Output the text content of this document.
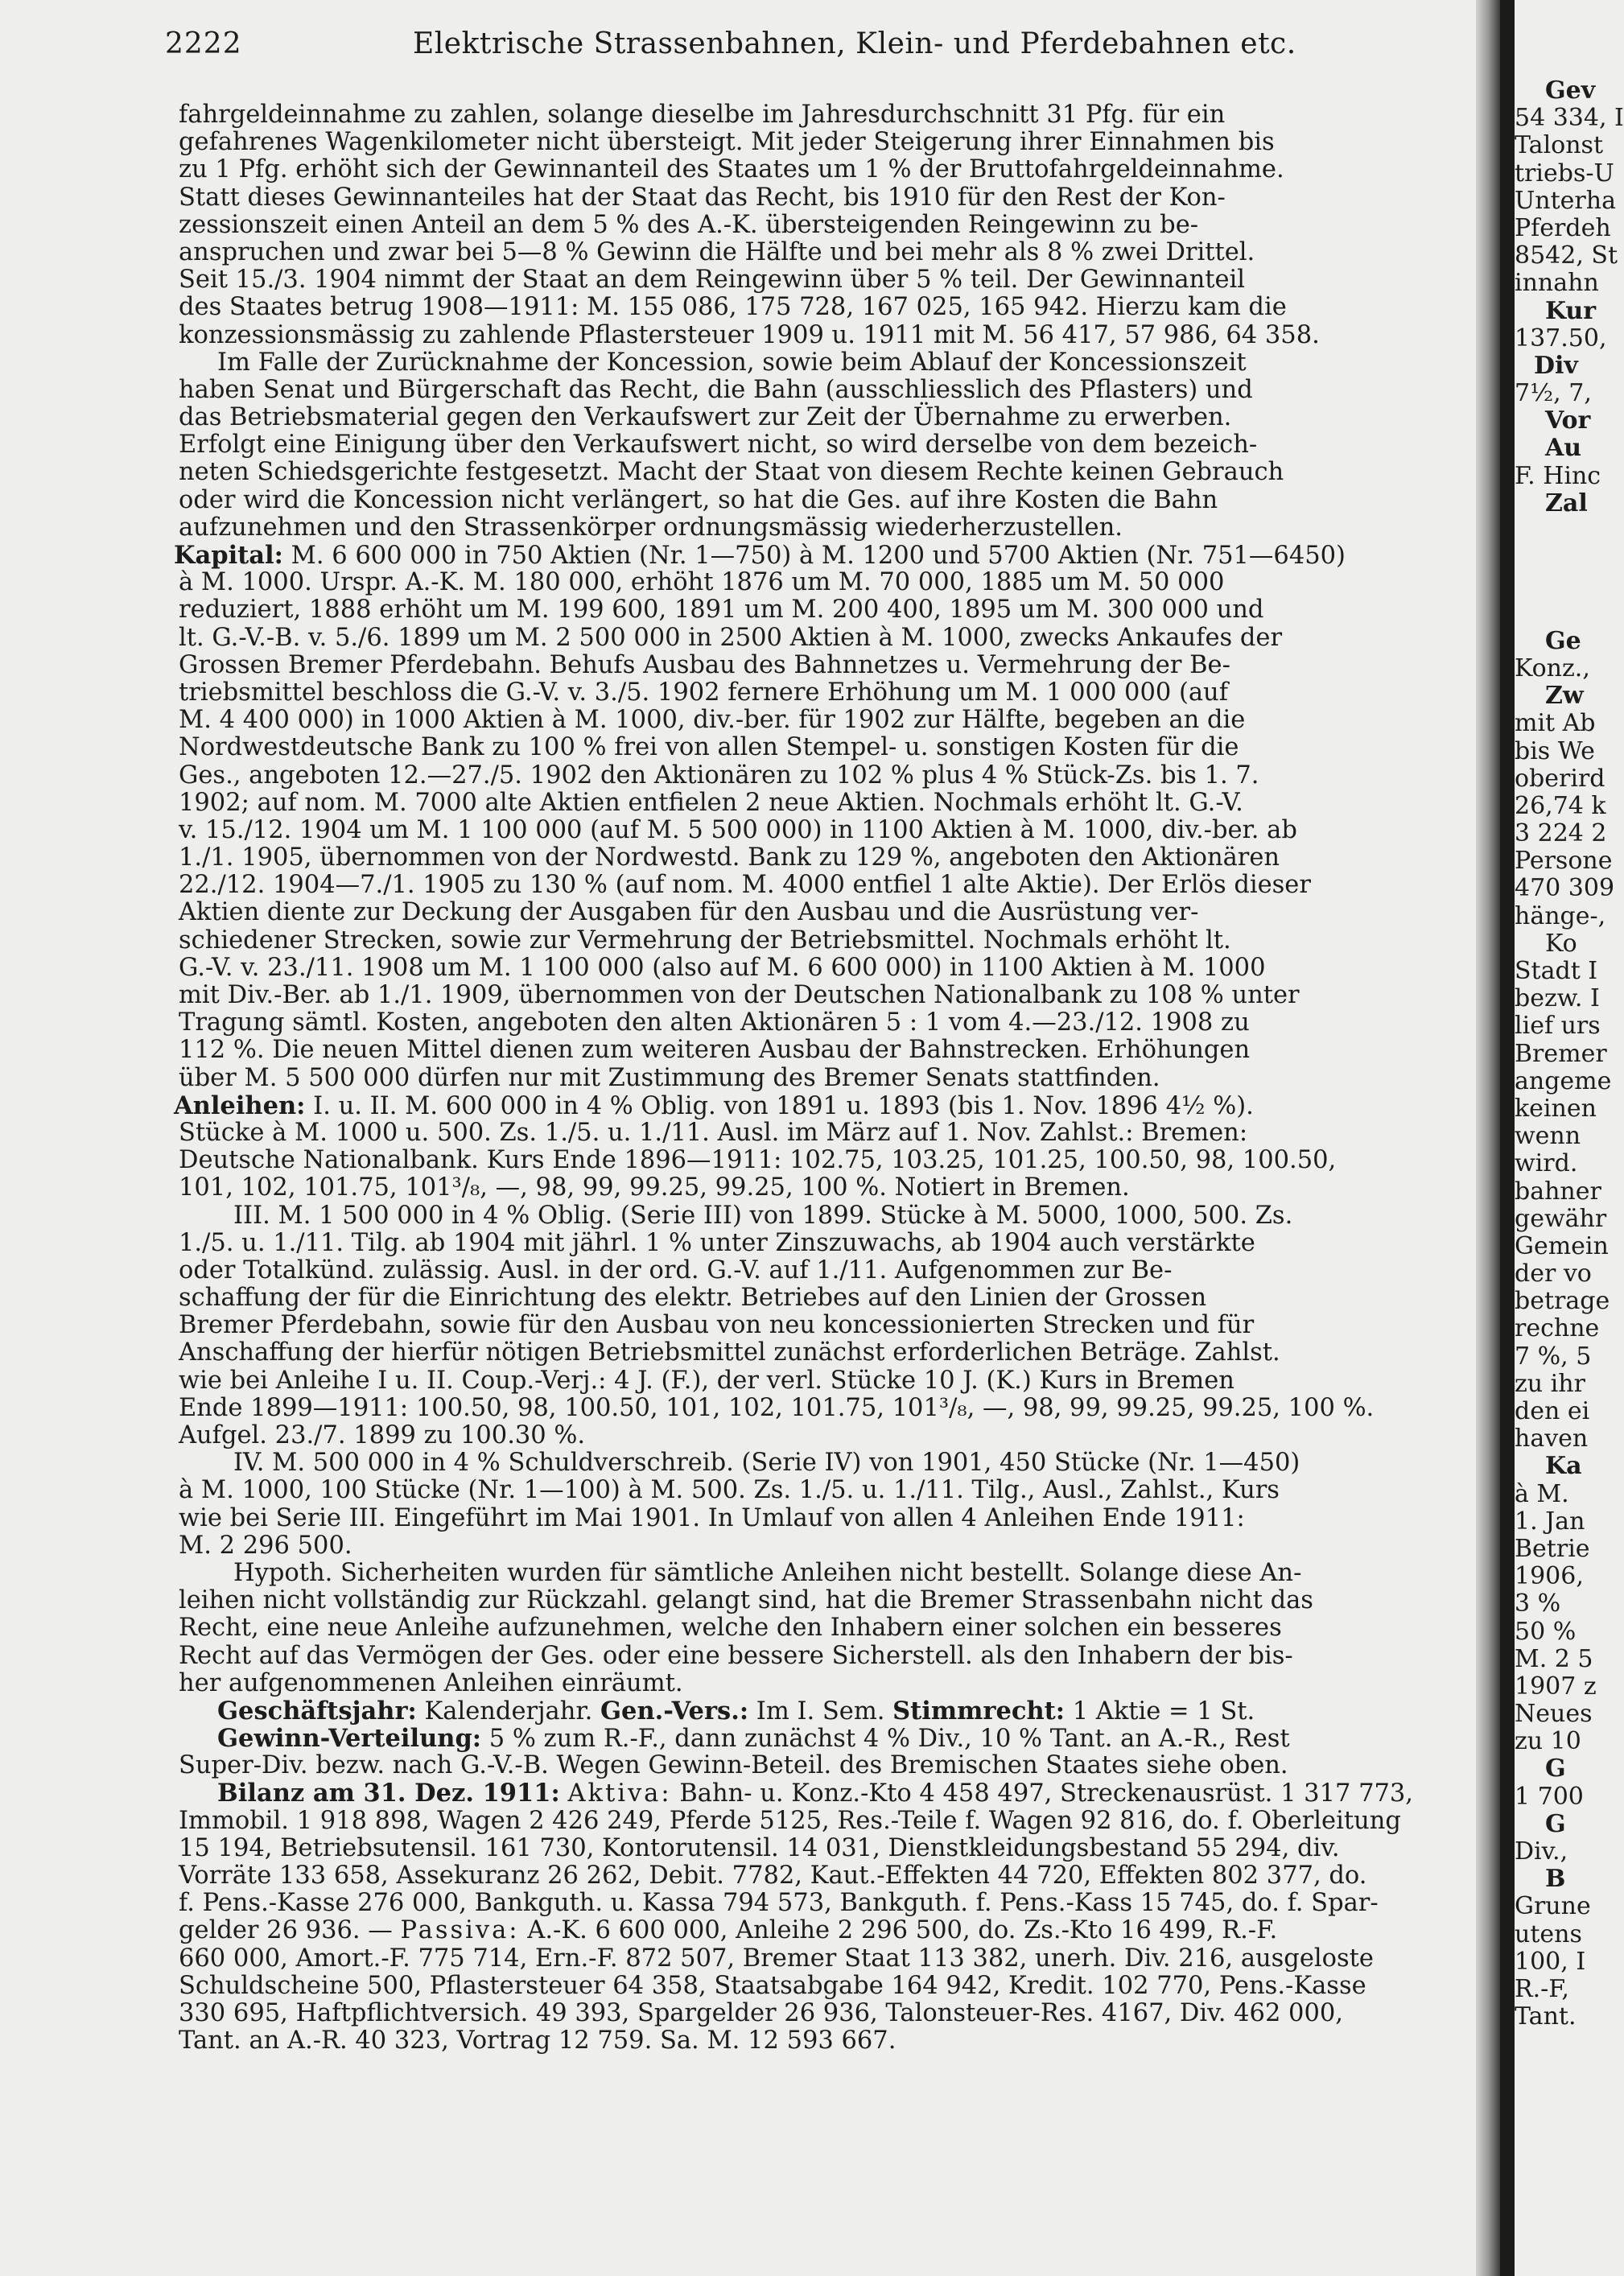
2222	Elektrische Strassenbahnen, Klein- und Pferdebahnen etc.
fahrgeldeinnahme zu zahlen, solange dieselbe im Jahresdurchschnitt 31 Pfg. für ein
gefahrenes Wagenkilometer nicht übersteigt. Mit jeder Steigerung ihrer Einnahmen bis
zu 1 Pfg. erhöht sich der Gewinnanteil des Staates um 1 % der Bruttofahrgeldeinnahme.
Statt dieses Gewinnanteiles hat der Staat das Recht, bis 1910 für den Rest der Kon-
zessionszeit einen Anteil an dem 5 % des A.-K. übersteigenden Reingewinn zu be-
anspruchen und zwar bei 5—8 % Gewinn die Hälfte und bei mehr als 8 % zwei Drittel.
Seit 15./3. 1904 nimmt der Staat an dem Reingewinn über 5 % teil. Der Gewinnanteil
des Staates betrug 1908—1911: M. 155 086, 175 728, 167 025, 165 942. Hierzu kam die
konzessionsmässig zu zahlende Pflastersteuer 1909 u. 1911 mit M. 56 417, 57 986, 64 358.
Im Falle der Zurücknahme der Koncession, sowie beim Ablauf der Koncessionszeit
haben Senat und Bürgerschaft das Recht, die Bahn (ausschliesslich des Pflasters) und
das Betriebsmaterial gegen den Verkaufswert zur Zeit der Übernahme zu erwerben.
Erfolgt eine Einigung über den Verkaufswert nicht, so wird derselbe von dem bezeich-
neten Schiedsgerichte festgesetzt. Macht der Staat von diesem Rechte keinen Gebrauch
oder wird die Koncession nicht verlängert, so hat die Ges. auf ihre Kosten die Bahn
aufzunehmen und den Strassenkörper ordnungsmässig wiederherzustellen.
Kapital: M. 6 600 000 in 750 Aktien (Nr. 1—750) à M. 1200 und 5700 Aktien (Nr. 751—6450)
à M. 1000. Urspr. A.-K. M. 180 000, erhöht 1876 um M. 70 000, 1885 um M. 50 000
reduziert, 1888 erhöht um M. 199 600, 1891 um M. 200 400, 1895 um M. 300 000 und
lt. G.-V.-B. v. 5./6. 1899 um M. 2 500 000 in 2500 Aktien à M. 1000, zwecks Ankaufes der
Grossen Bremer Pferdebahn. Behufs Ausbau des Bahnnetzes u. Vermehrung der Be-
triebsmittel beschloss die G.-V. v. 3./5. 1902 fernere Erhöhung um M. 1 000 000 (auf
M. 4 400 000) in 1000 Aktien à M. 1000, div.-ber. für 1902 zur Hälfte, begeben an die
Nordwestdeutsche Bank zu 100 % frei von allen Stempel- u. sonstigen Kosten für die
Ges., angeboten 12.—27./5. 1902 den Aktionären zu 102 % plus 4 % Stück-Zs. bis 1. 7.
1902; auf nom. M. 7000 alte Aktien entfielen 2 neue Aktien. Nochmals erhöht lt. G.-V.
v. 15./12. 1904 um M. 1 100 000 (auf M. 5 500 000) in 1100 Aktien à M. 1000, div.-ber. ab
1./1. 1905, übernommen von der Nordwestd. Bank zu 129 %, angeboten den Aktionären
22./12. 1904—7./1. 1905 zu 130 % (auf nom. M. 4000 entfiel 1 alte Aktie). Der Erlös dieser
Aktien diente zur Deckung der Ausgaben für den Ausbau und die Ausrüstung ver-
schiedener Strecken, sowie zur Vermehrung der Betriebsmittel. Nochmals erhöht lt.
G.-V. v. 23./11. 1908 um M. 1 100 000 (also auf M. 6 600 000) in 1100 Aktien à M. 1000
mit Div.-Ber. ab 1./1. 1909, übernommen von der Deutschen Nationalbank zu 108 % unter
Tragung sämtl. Kosten, angeboten den alten Aktionären 5 : 1 vom 4.—23./12. 1908 zu
112 %. Die neuen Mittel dienen zum weiteren Ausbau der Bahnstrecken. Erhöhungen
über M. 5 500 000 dürfen nur mit Zustimmung des Bremer Senats stattfinden.
Anleihen: I. u. II. M. 600 000 in 4 % Oblig. von 1891 u. 1893 (bis 1. Nov. 1896 4½ %).
Stücke à M. 1000 u. 500. Zs. 1./5. u. 1./11. Ausl. im März auf 1. Nov. Zahlst.: Bremen:
Deutsche Nationalbank. Kurs Ende 1896—1911: 102.75, 103.25, 101.25, 100.50, 98, 100.50,
101, 102, 101.75, 101³/₈, —, 98, 99, 99.25, 99.25, 100 %. Notiert in Bremen.
III. M. 1 500 000 in 4 % Oblig. (Serie III) von 1899. Stücke à M. 5000, 1000, 500. Zs.
1./5. u. 1./11. Tilg. ab 1904 mit jährl. 1 % unter Zinszuwachs, ab 1904 auch verstärkte
oder Totalkünd. zulässig. Ausl. in der ord. G.-V. auf 1./11. Aufgenommen zur Be-
schaffung der für die Einrichtung des elektr. Betriebes auf den Linien der Grossen
Bremer Pferdebahn, sowie für den Ausbau von neu koncessionierten Strecken und für
Anschaffung der hierfür nötigen Betriebsmittel zunächst erforderlichen Beträge. Zahlst.
wie bei Anleihe I u. II. Coup.-Verj.: 4 J. (F.), der verl. Stücke 10 J. (K.) Kurs in Bremen
Ende 1899—1911: 100.50, 98, 100.50, 101, 102, 101.75, 101³/₈, —, 98, 99, 99.25, 99.25, 100 %.
Aufgel. 23./7. 1899 zu 100.30 %.
IV. M. 500 000 in 4 % Schuldverschreib. (Serie IV) von 1901, 450 Stücke (Nr. 1—450)
à M. 1000, 100 Stücke (Nr. 1—100) à M. 500. Zs. 1./5. u. 1./11. Tilg., Ausl., Zahlst., Kurs
wie bei Serie III. Eingeführt im Mai 1901. In Umlauf von allen 4 Anleihen Ende 1911:
M. 2 296 500.
Hypoth. Sicherheiten wurden für sämtliche Anleihen nicht bestellt. Solange diese An-
leihen nicht vollständig zur Rückzahl. gelangt sind, hat die Bremer Strassenbahn nicht das
Recht, eine neue Anleihe aufzunehmen, welche den Inhabern einer solchen ein besseres
Recht auf das Vermögen der Ges. oder eine bessere Sicherstell. als den Inhabern der bis-
her aufgenommenen Anleihen einräumt.
Geschäftsjahr: Kalenderjahr. Gen.-Vers.: Im I. Sem. Stimmrecht: 1 Aktie = 1 St.
Gewinn-Verteilung: 5 % zum R.-F., dann zunächst 4 % Div., 10 % Tant. an A.-R., Rest
Super-Div. bezw. nach G.-V.-B. Wegen Gewinn-Beteil. des Bremischen Staates siehe oben.
Bilanz am 31. Dez. 1911: Aktiva: Bahn- u. Konz.-Kto 4 458 497, Streckenausrüst. 1 317 773,
Immobil. 1 918 898, Wagen 2 426 249, Pferde 5125, Res.-Teile f. Wagen 92 816, do. f. Oberleitung
15 194, Betriebsutensil. 161 730, Kontorutensil. 14 031, Dienstkleidungsbestand 55 294, div.
Vorräte 133 658, Assekuranz 26 262, Debit. 7782, Kaut.-Effekten 44 720, Effekten 802 377, do.
f. Pens.-Kasse 276 000, Bankguth. u. Kassa 794 573, Bankguth. f. Pens.-Kass 15 745, do. f. Spar-
gelder 26 936. — Passiva: A.-K. 6 600 000, Anleihe 2 296 500, do. Zs.-Kto 16 499, R.-F.
660 000, Amort.-F. 775 714, Ern.-F. 872 507, Bremer Staat 113 382, unerh. Div. 216, ausgeloste
Schuldscheine 500, Pflastersteuer 64 358, Staatsabgabe 164 942, Kredit. 102 770, Pens.-Kasse
330 695, Haftpflichtversich. 49 393, Spargelder 26 936, Talonsteuer-Res. 4167, Div. 462 000,
Tant. an A.-R. 40 323, Vortrag 12 759. Sa. M. 12 593 667.
Gev
54 334, I
Talonst
triebs-U
Unterha
Pferdeh
8542, St
innahn
Kur
137.50,
Div
7½, 7,
Vor
Au
F. Hinc
Zal
Ge
Konz.,
Zw
mit Ab
bis We
oberird
26,74 k
3 224 2
Persone
470 309
hänge-,
Ko
Stadt I
bezw. I
lief urs
Bremer
angeme
keinen
wenn
wird.
bahner
gewähr
Gemein
der vo
betrage
rechne
7 %, 5
zu ihr
den ei
haven
Ka
à M.
1. Jan
Betrie
1906,
3 %
50 %
M. 2 5
1907 z
Neues
zu 10
G
1 700
G
Div.,
B
Grune
utens
100, I
R.-F,
Tant.
